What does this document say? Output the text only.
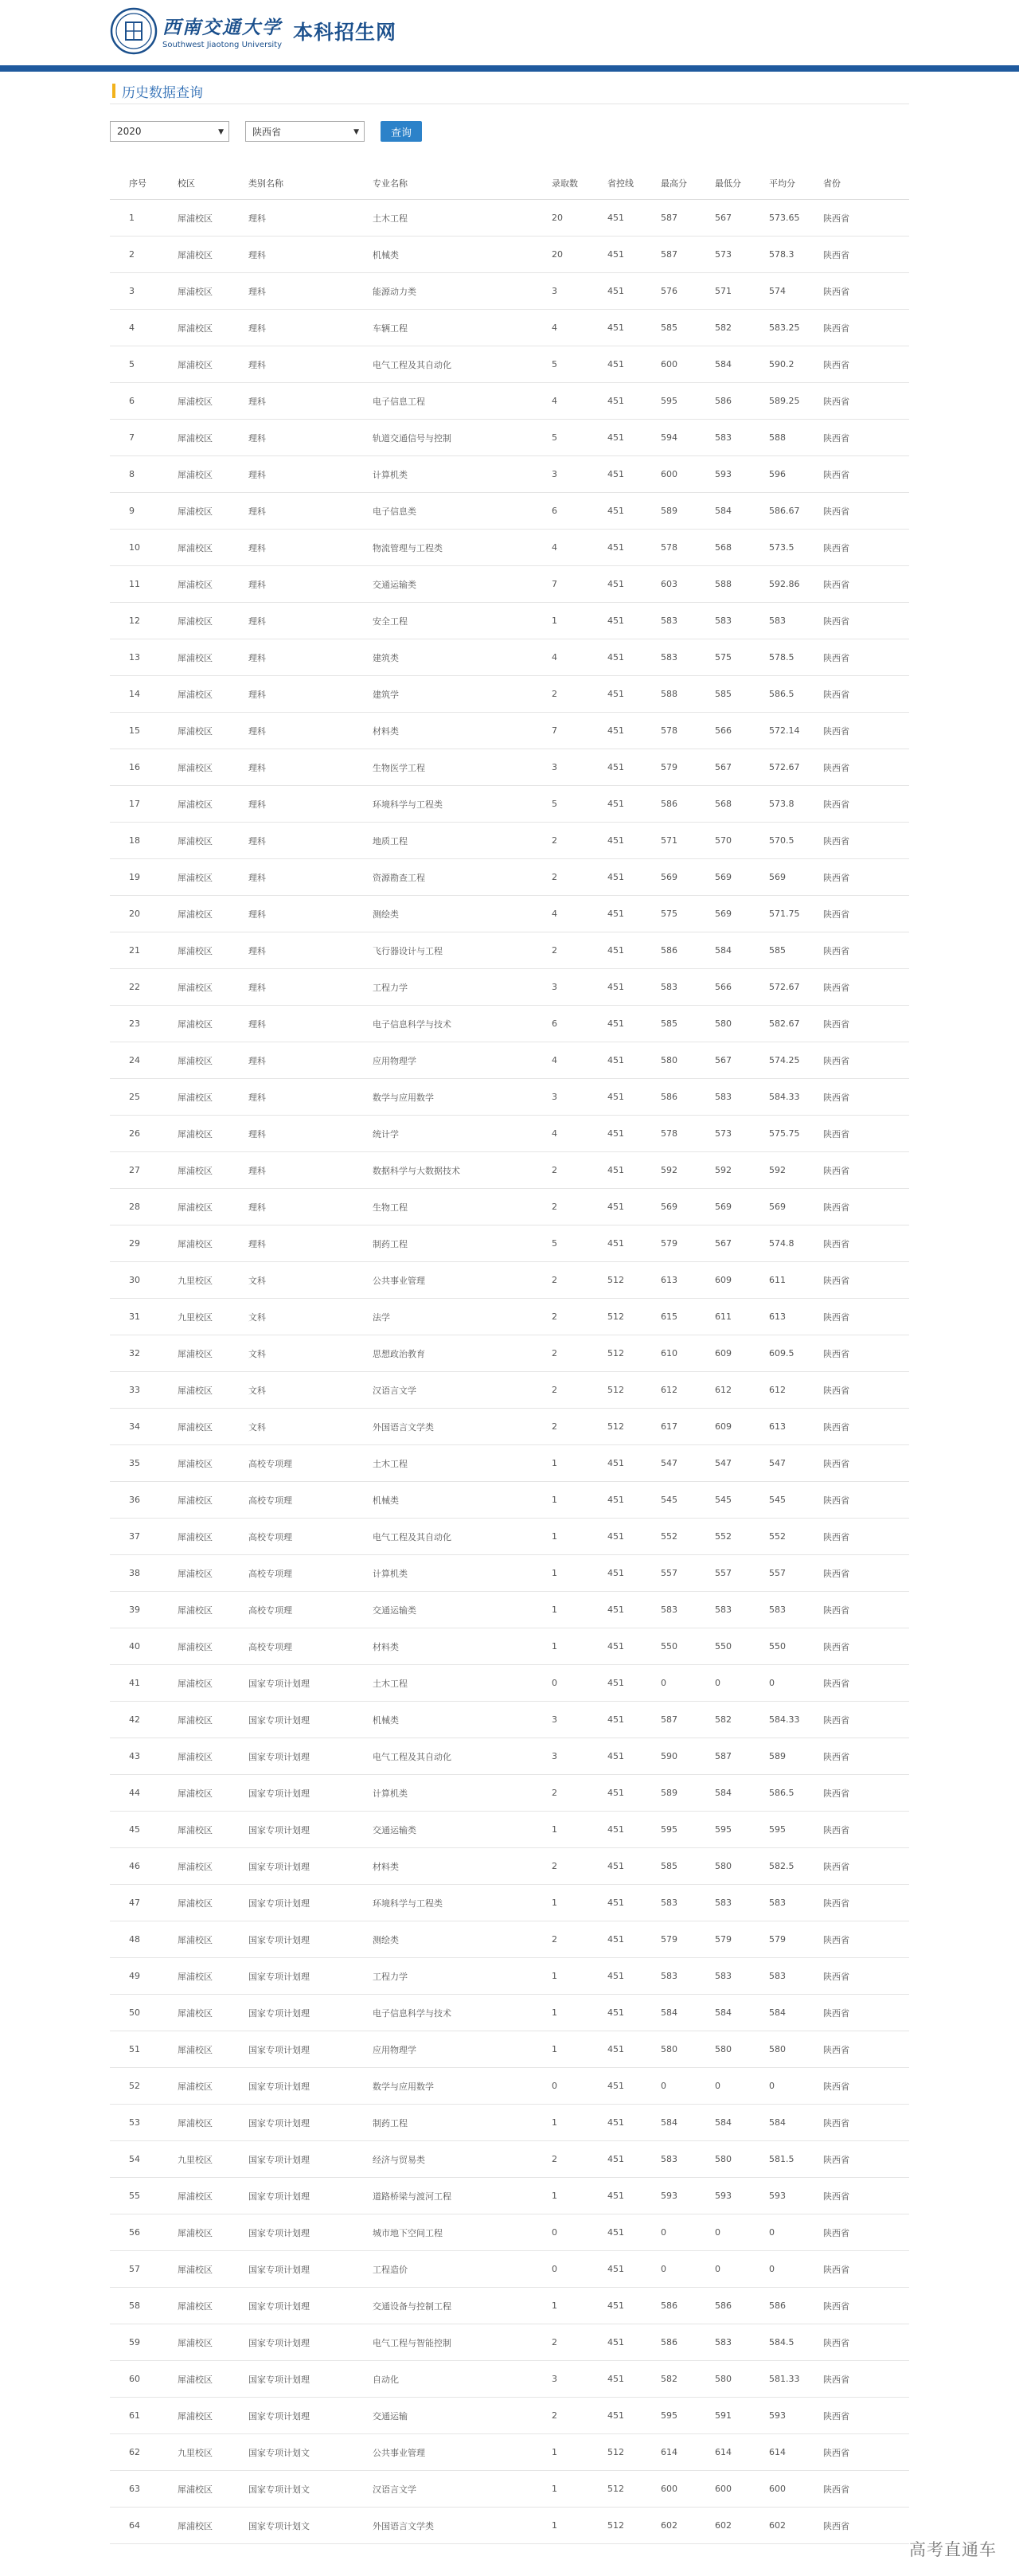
西南交通大学
Southwest Jiaotong University
本科招生网
历史数据查询
2020	▼	陕西省	▼	查询
序号	校区	类别名称	专业名称	录取数	省控线	最高分	最低分	平均分	省份
1	犀浦校区	理科	土木工程	20	451	587	567	573.65	陕西省
2	犀浦校区	理科	机械类	20	451	587	573	578.3	陕西省
3	犀浦校区	理科	能源动力类	3	451	576	571	574	陕西省
4	犀浦校区	理科	车辆工程	4	451	585	582	583.25	陕西省
5	犀浦校区	理科	电气工程及其自动化	5	451	600	584	590.2	陕西省
6	犀浦校区	理科	电子信息工程	4	451	595	586	589.25	陕西省
7	犀浦校区	理科	轨道交通信号与控制	5	451	594	583	588	陕西省
8	犀浦校区	理科	计算机类	3	451	600	593	596	陕西省
9	犀浦校区	理科	电子信息类	6	451	589	584	586.67	陕西省
10	犀浦校区	理科	物流管理与工程类	4	451	578	568	573.5	陕西省
11	犀浦校区	理科	交通运输类	7	451	603	588	592.86	陕西省
12	犀浦校区	理科	安全工程	1	451	583	583	583	陕西省
13	犀浦校区	理科	建筑类	4	451	583	575	578.5	陕西省
14	犀浦校区	理科	建筑学	2	451	588	585	586.5	陕西省
15	犀浦校区	理科	材料类	7	451	578	566	572.14	陕西省
16	犀浦校区	理科	生物医学工程	3	451	579	567	572.67	陕西省
17	犀浦校区	理科	环境科学与工程类	5	451	586	568	573.8	陕西省
18	犀浦校区	理科	地质工程	2	451	571	570	570.5	陕西省
19	犀浦校区	理科	资源勘查工程	2	451	569	569	569	陕西省
20	犀浦校区	理科	测绘类	4	451	575	569	571.75	陕西省
21	犀浦校区	理科	飞行器设计与工程	2	451	586	584	585	陕西省
22	犀浦校区	理科	工程力学	3	451	583	566	572.67	陕西省
23	犀浦校区	理科	电子信息科学与技术	6	451	585	580	582.67	陕西省
24	犀浦校区	理科	应用物理学	4	451	580	567	574.25	陕西省
25	犀浦校区	理科	数学与应用数学	3	451	586	583	584.33	陕西省
26	犀浦校区	理科	统计学	4	451	578	573	575.75	陕西省
27	犀浦校区	理科	数据科学与大数据技术	2	451	592	592	592	陕西省
28	犀浦校区	理科	生物工程	2	451	569	569	569	陕西省
29	犀浦校区	理科	制药工程	5	451	579	567	574.8	陕西省
30	九里校区	文科	公共事业管理	2	512	613	609	611	陕西省
31	九里校区	文科	法学	2	512	615	611	613	陕西省
32	犀浦校区	文科	思想政治教育	2	512	610	609	609.5	陕西省
33	犀浦校区	文科	汉语言文学	2	512	612	612	612	陕西省
34	犀浦校区	文科	外国语言文学类	2	512	617	609	613	陕西省
35	犀浦校区	高校专项理	土木工程	1	451	547	547	547	陕西省
36	犀浦校区	高校专项理	机械类	1	451	545	545	545	陕西省
37	犀浦校区	高校专项理	电气工程及其自动化	1	451	552	552	552	陕西省
38	犀浦校区	高校专项理	计算机类	1	451	557	557	557	陕西省
39	犀浦校区	高校专项理	交通运输类	1	451	583	583	583	陕西省
40	犀浦校区	高校专项理	材料类	1	451	550	550	550	陕西省
41	犀浦校区	国家专项计划理	土木工程	0	451	0	0	0	陕西省
42	犀浦校区	国家专项计划理	机械类	3	451	587	582	584.33	陕西省
43	犀浦校区	国家专项计划理	电气工程及其自动化	3	451	590	587	589	陕西省
44	犀浦校区	国家专项计划理	计算机类	2	451	589	584	586.5	陕西省
45	犀浦校区	国家专项计划理	交通运输类	1	451	595	595	595	陕西省
46	犀浦校区	国家专项计划理	材料类	2	451	585	580	582.5	陕西省
47	犀浦校区	国家专项计划理	环境科学与工程类	1	451	583	583	583	陕西省
48	犀浦校区	国家专项计划理	测绘类	2	451	579	579	579	陕西省
49	犀浦校区	国家专项计划理	工程力学	1	451	583	583	583	陕西省
50	犀浦校区	国家专项计划理	电子信息科学与技术	1	451	584	584	584	陕西省
51	犀浦校区	国家专项计划理	应用物理学	1	451	580	580	580	陕西省
52	犀浦校区	国家专项计划理	数学与应用数学	0	451	0	0	0	陕西省
53	犀浦校区	国家专项计划理	制药工程	1	451	584	584	584	陕西省
54	九里校区	国家专项计划理	经济与贸易类	2	451	583	580	581.5	陕西省
55	犀浦校区	国家专项计划理	道路桥梁与渡河工程	1	451	593	593	593	陕西省
56	犀浦校区	国家专项计划理	城市地下空间工程	0	451	0	0	0	陕西省
57	犀浦校区	国家专项计划理	工程造价	0	451	0	0	0	陕西省
58	犀浦校区	国家专项计划理	交通设备与控制工程	1	451	586	586	586	陕西省
59	犀浦校区	国家专项计划理	电气工程与智能控制	2	451	586	583	584.5	陕西省
60	犀浦校区	国家专项计划理	自动化	3	451	582	580	581.33	陕西省
61	犀浦校区	国家专项计划理	交通运输	2	451	595	591	593	陕西省
62	九里校区	国家专项计划文	公共事业管理	1	512	614	614	614	陕西省
63	犀浦校区	国家专项计划文	汉语言文学	1	512	600	600	600	陕西省
64	犀浦校区	国家专项计划文	外国语言文学类	1	512	602	602	602	陕西省
高考直通车
